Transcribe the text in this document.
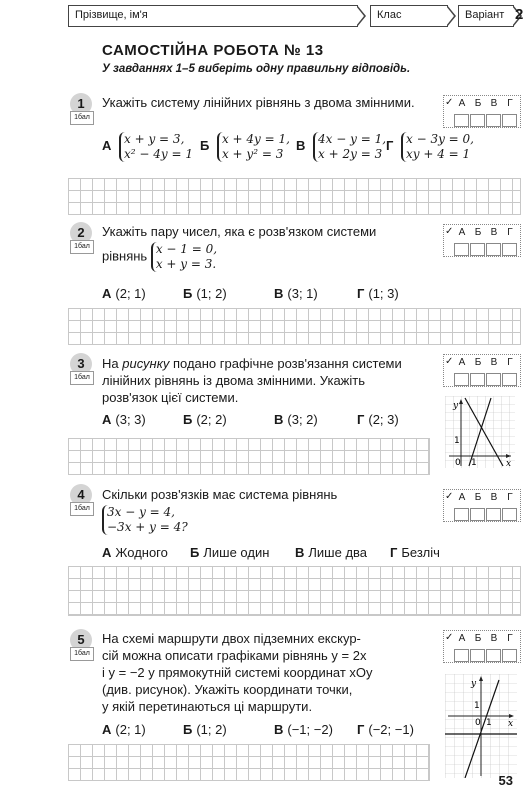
Прізвище, ім'я	Клас	Варіант 2
САМОСТІЙНА РОБОТА № 13
У завданнях 1–5 виберіть одну правильну відповідь.
1
1бал
Укажіть систему лінійних рівнянь з двома змінними.	✓ А Б В Г
А x + y = 3,
x² − 4y = 1
Б x + 4y = 1,
x + y² = 3
В 4x − y = 1,
x + 2y = 3
Г x − 3y = 0,
xy + 4 = 1
2
1бал
Укажіть пару чисел, яка є розв'язком системи
рівнянь x − 1 = 0,
x + y = 3.
✓ А Б В Г
А (2; 1)	Б (1; 2)	В (3; 1)	Г (1; 3)
3
1бал
На рисунку подано графічне розв'язання системи лінійних рівнянь із двома змінними. Укажіть розв'язок цієї системи.
✓ А Б В Г
А (3; 3)	Б (2; 2)	В (3; 2)	Г (2; 3)
y
x
1
0 1
4
1бал
Скільки розв'язків має система рівнянь
3x − y = 4,
−3x + y = 4?
✓ А Б В Г
А Жодного Б Лише один В Лише два Г Безліч
5
1бал
На схемі маршрути двох підземних екскур-
сій можна описати графіками рівнянь y = 2x
і y = −2 у прямокутній системі координат xOy
(див. рисунок). Укажіть координати точки,
у якій перетинаються ці маршрути.
✓ А Б В Г
А (2; 1)	Б (1; 2)	В (−1; −2) Г (−2; −1)
y
x
1
0 1
53
